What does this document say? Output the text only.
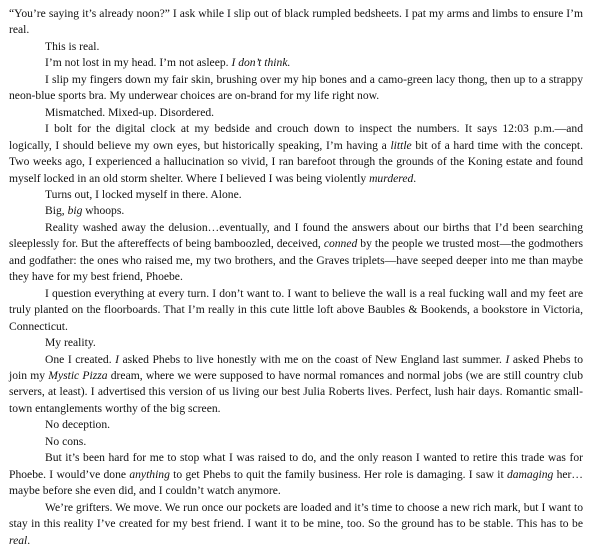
“You’re saying it’s already noon?” I ask while I slip out of black rumpled bedsheets. I pat my arms and limbs to ensure I’m real.

This is real.

I’m not lost in my head. I’m not asleep. I don’t think.

I slip my fingers down my fair skin, brushing over my hip bones and a camo-green lacy thong, then up to a strappy neon-blue sports bra. My underwear choices are on-brand for my life right now.

Mismatched. Mixed-up. Disordered.

I bolt for the digital clock at my bedside and crouch down to inspect the numbers. It says 12:03 p.m.—and logically, I should believe my own eyes, but historically speaking, I’m having a little bit of a hard time with the concept. Two weeks ago, I experienced a hallucination so vivid, I ran barefoot through the grounds of the Koning estate and found myself locked in an old storm shelter. Where I believed I was being violently murdered.

Turns out, I locked myself in there. Alone.

Big, big whoops.

Reality washed away the delusion…eventually, and I found the answers about our births that I’d been searching sleeplessly for. But the aftereffects of being bamboozled, deceived, conned by the people we trusted most—the godmothers and godfather: the ones who raised me, my two brothers, and the Graves triplets—have seeped deeper into me than maybe they have for my best friend, Phoebe.

I question everything at every turn. I don’t want to. I want to believe the wall is a real fucking wall and my feet are truly planted on the floorboards. That I’m really in this cute little loft above Baubles & Bookends, a bookstore in Victoria, Connecticut.

My reality.

One I created. I asked Phebs to live honestly with me on the coast of New England last summer. I asked Phebs to join my Mystic Pizza dream, where we were supposed to have normal romances and normal jobs (we are still country club servers, at least). I advertised this version of us living our best Julia Roberts lives. Perfect, lush hair days. Romantic small-town entanglements worthy of the big screen.

No deception.

No cons.

But it’s been hard for me to stop what I was raised to do, and the only reason I wanted to retire this trade was for Phoebe. I would’ve done anything to get Phebs to quit the family business. Her role is damaging. I saw it damaging her…maybe before she even did, and I couldn’t watch anymore.

We’re grifters. We move. We run once our pockets are loaded and it’s time to choose a new rich mark, but I want to stay in this reality I’ve created for my best friend. I want it to be mine, too. So the ground has to be stable. This has to be real.
